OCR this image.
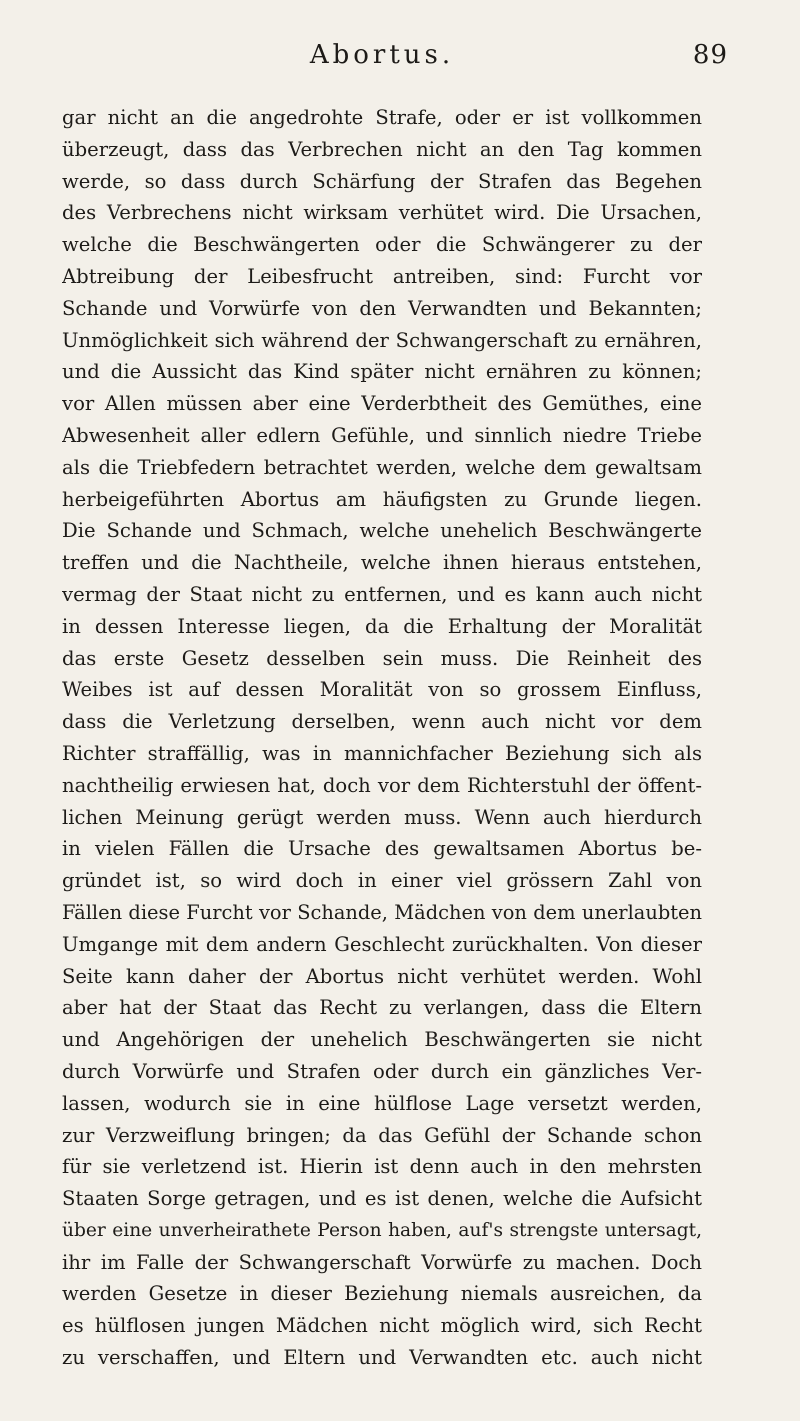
Abortus.	89
gar nicht an die angedrohte Strafe, oder er ist vollkommen
überzeugt, dass das Verbrechen nicht an den Tag kommen
werde, so dass durch Schärfung der Strafen das Begehen
des Verbrechens nicht wirksam verhütet wird. Die Ursachen,
welche die Beschwängerten oder die Schwängerer zu der
Abtreibung der Leibesfrucht antreiben, sind: Furcht vor
Schande und Vorwürfe von den Verwandten und Bekannten;
Unmöglichkeit sich während der Schwangerschaft zu ernähren,
und die Aussicht das Kind später nicht ernähren zu können;
vor Allen müssen aber eine Verderbtheit des Gemüthes, eine
Abwesenheit aller edlern Gefühle, und sinnlich niedre Triebe
als die Triebfedern betrachtet werden, welche dem gewaltsam
herbeigeführten Abortus am häufigsten zu Grunde liegen.
Die Schande und Schmach, welche unehelich Beschwängerte
treffen und die Nachtheile, welche ihnen hieraus entstehen,
vermag der Staat nicht zu entfernen, und es kann auch nicht
in dessen Interesse liegen, da die Erhaltung der Moralität
das erste Gesetz desselben sein muss. Die Reinheit des
Weibes ist auf dessen Moralität von so grossem Einfluss,
dass die Verletzung derselben, wenn auch nicht vor dem
Richter straffällig, was in mannichfacher Beziehung sich als
nachtheilig erwiesen hat, doch vor dem Richterstuhl der öffent-
lichen Meinung gerügt werden muss. Wenn auch hierdurch
in vielen Fällen die Ursache des gewaltsamen Abortus be-
gründet ist, so wird doch in einer viel grössern Zahl von
Fällen diese Furcht vor Schande, Mädchen von dem unerlaubten
Umgange mit dem andern Geschlecht zurückhalten. Von dieser
Seite kann daher der Abortus nicht verhütet werden. Wohl
aber hat der Staat das Recht zu verlangen, dass die Eltern
und Angehörigen der unehelich Beschwängerten sie nicht
durch Vorwürfe und Strafen oder durch ein gänzliches Ver-
lassen, wodurch sie in eine hülflose Lage versetzt werden,
zur Verzweiflung bringen; da das Gefühl der Schande schon
für sie verletzend ist. Hierin ist denn auch in den mehrsten
Staaten Sorge getragen, und es ist denen, welche die Aufsicht
über eine unverheirathete Person haben, auf's strengste untersagt,
ihr im Falle der Schwangerschaft Vorwürfe zu machen. Doch
werden Gesetze in dieser Beziehung niemals ausreichen, da
es hülflosen jungen Mädchen nicht möglich wird, sich Recht
zu verschaffen, und Eltern und Verwandten etc. auch nicht
